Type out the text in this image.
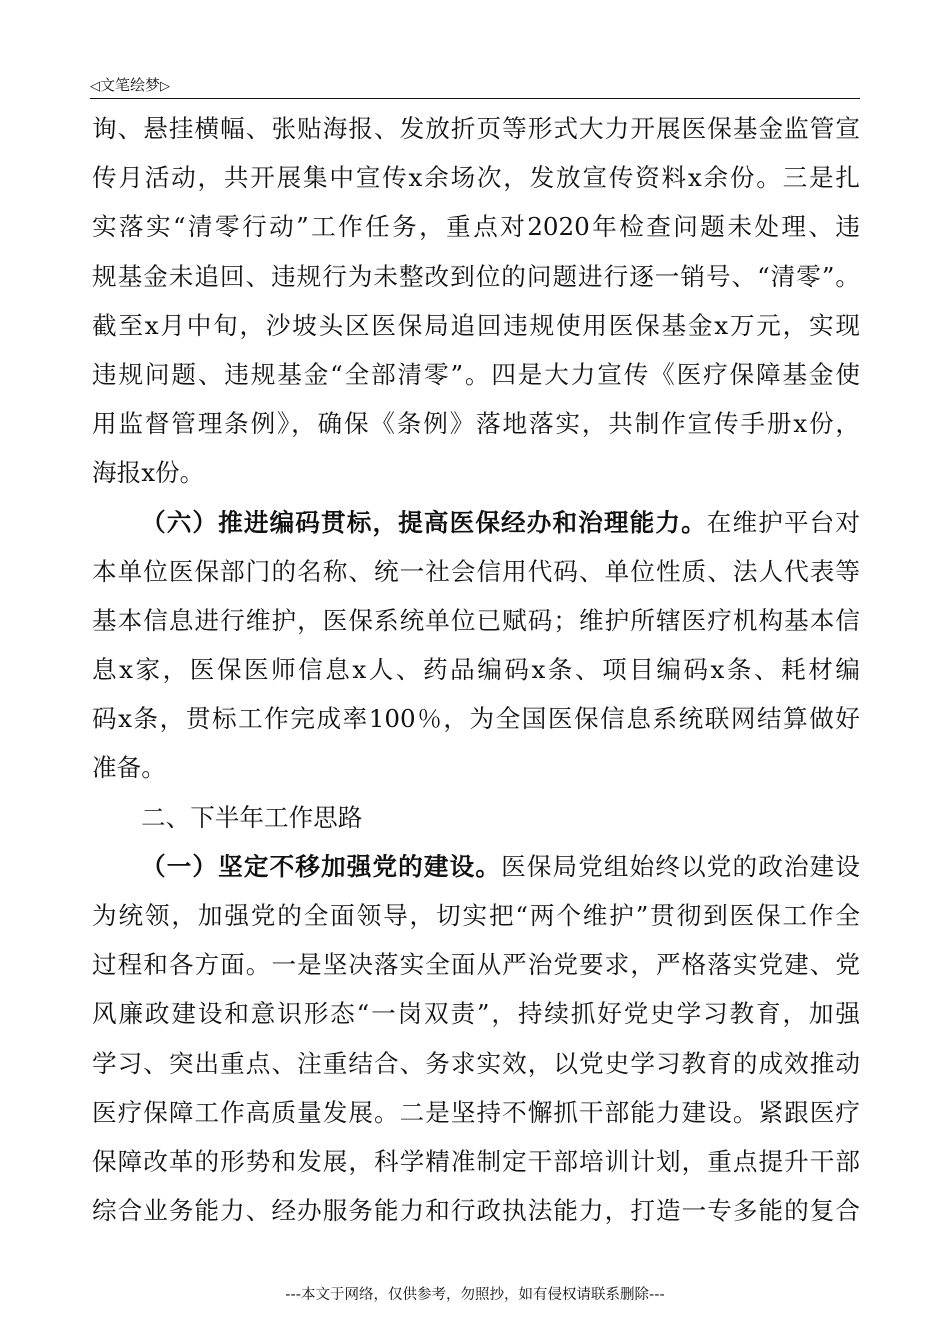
◁文笔绘梦▷
询、悬挂横幅、张贴海报、发放折页等形式大力开展医保基金监管宣
传月活动，共开展集中宣传x余场次，发放宣传资料x余份。三是扎
实落实“清零行动”工作任务，重点对2020年检查问题未处理、违
规基金未追回、违规行为未整改到位的问题进行逐一销号、“清零”。
截至x月中旬，沙坡头区医保局追回违规使用医保基金x万元，实现
违规问题、违规基金“全部清零”。四是大力宣传《医疗保障基金使
用监督管理条例》，确保《条例》落地落实，共制作宣传手册x份，
海报x份。
（六）推进编码贯标，提高医保经办和治理能力。在维护平台对
本单位医保部门的名称、统一社会信用代码、单位性质、法人代表等
基本信息进行维护，医保系统单位已赋码；维护所辖医疗机构基本信
息x家，医保医师信息x人、药品编码x条、项目编码x条、耗材编
码x条，贯标工作完成率100％，为全国医保信息系统联网结算做好
准备。
二、下半年工作思路
（一）坚定不移加强党的建设。医保局党组始终以党的政治建设
为统领，加强党的全面领导，切实把“两个维护”贯彻到医保工作全
过程和各方面。一是坚决落实全面从严治党要求，严格落实党建、党
风廉政建设和意识形态“一岗双责”，持续抓好党史学习教育，加强
学习、突出重点、注重结合、务求实效，以党史学习教育的成效推动
医疗保障工作高质量发展。二是坚持不懈抓干部能力建设。紧跟医疗
保障改革的形势和发展，科学精准制定干部培训计划，重点提升干部
综合业务能力、经办服务能力和行政执法能力，打造一专多能的复合
---本文于网络，仅供参考，勿照抄，如有侵权请联系删除---
